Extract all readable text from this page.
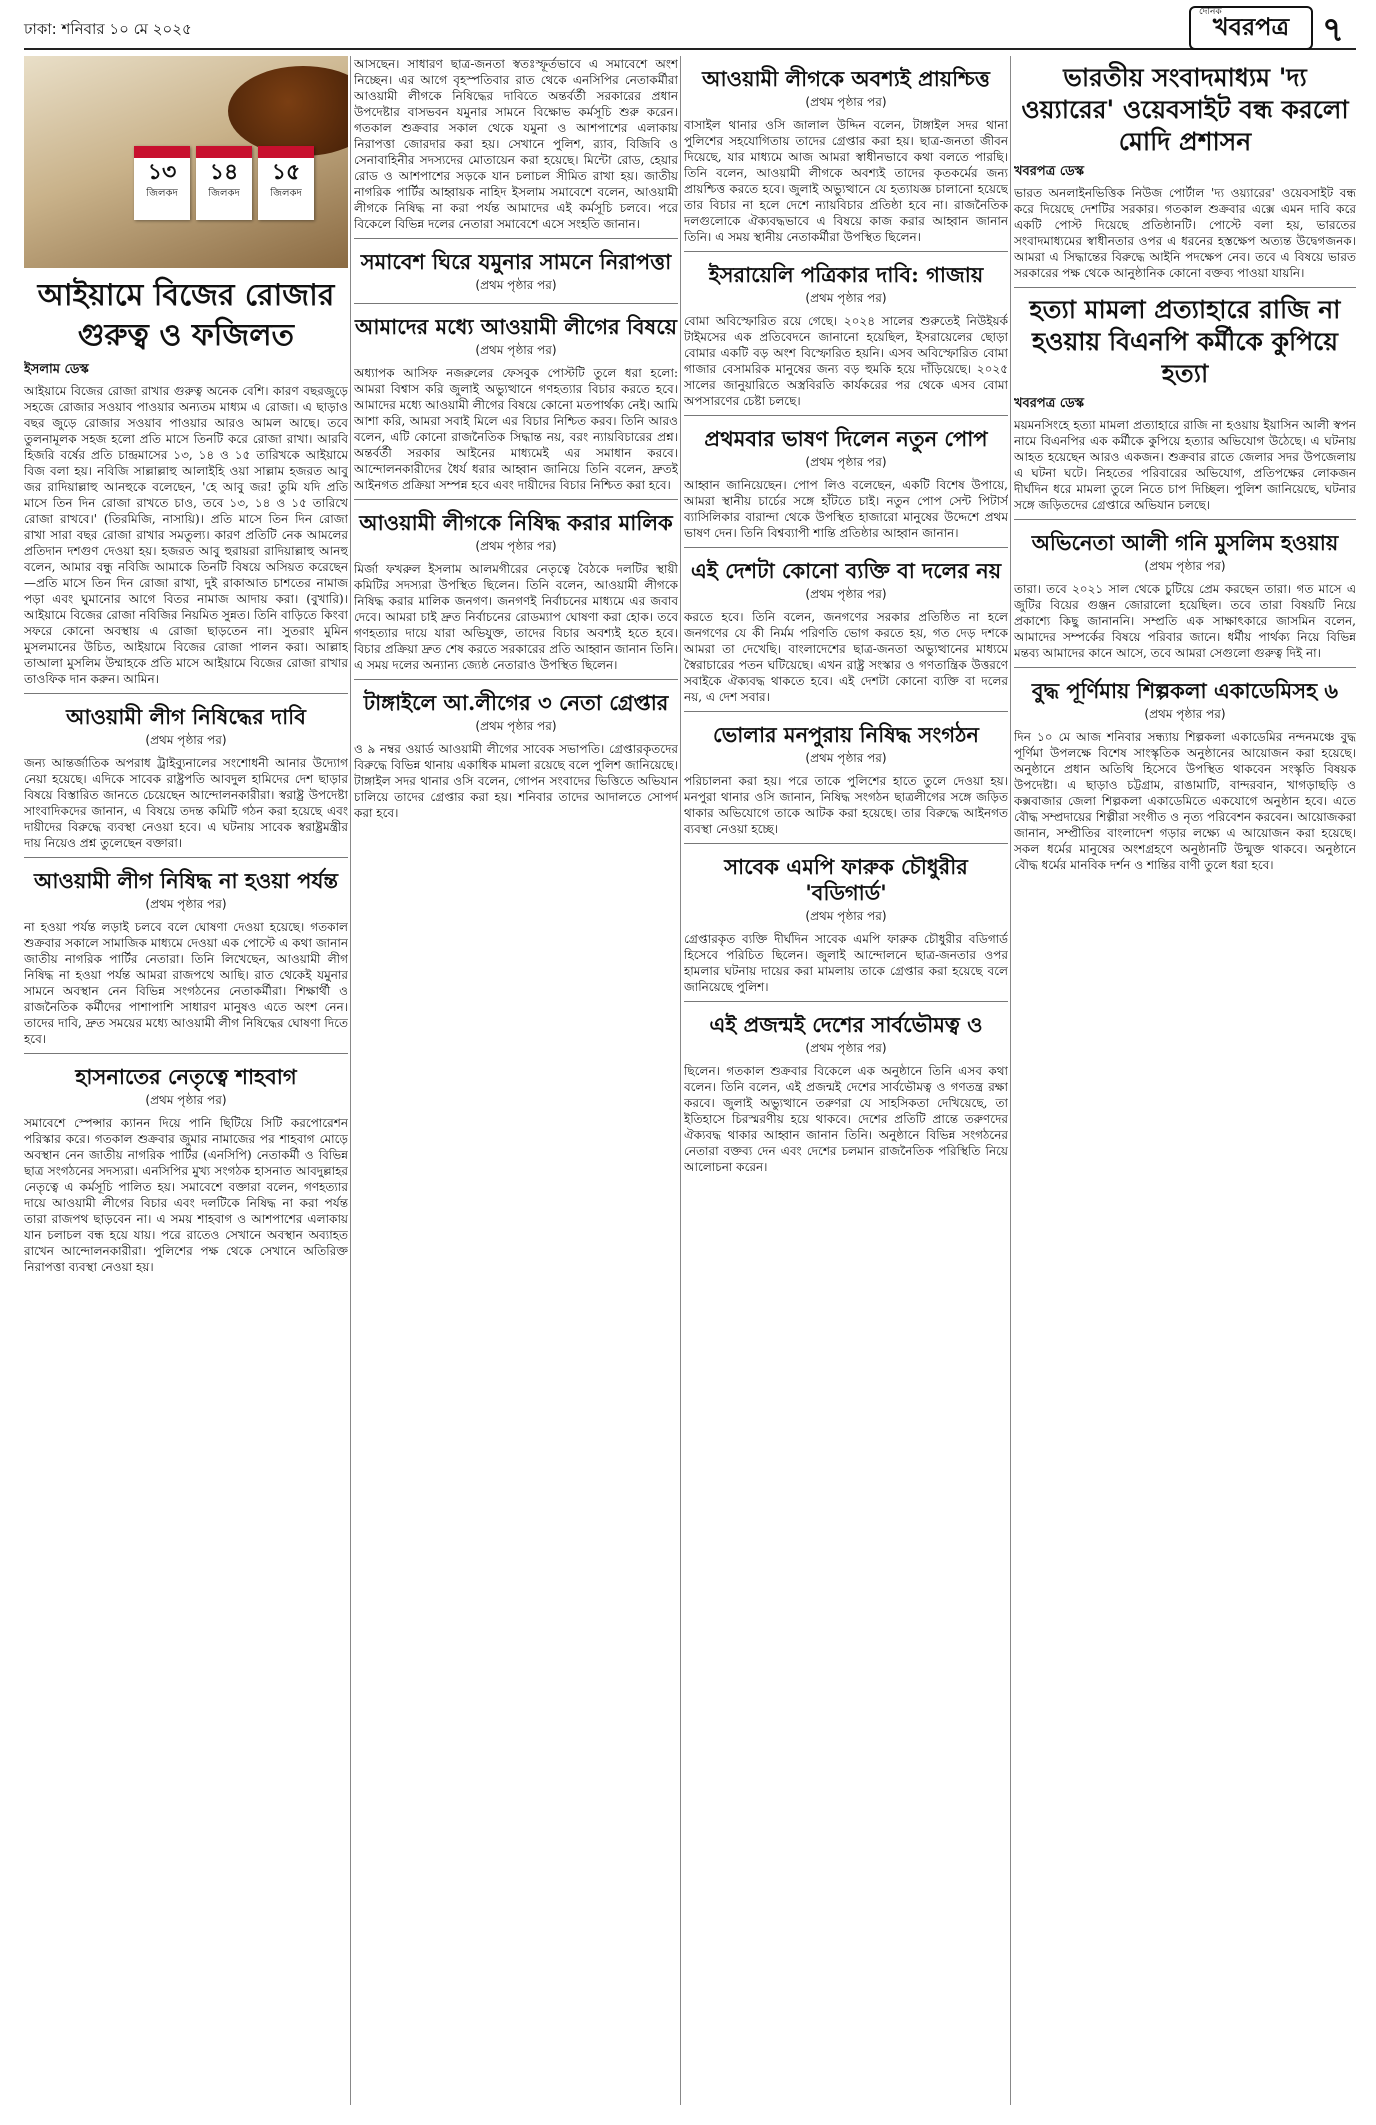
ঢাকা: শনিবার ১০ মে ২০২৫
দৈনিক
খবরপত্র ৭
১৩
জিলকদ
১৪
জিলকদ
১৫
জিলকদ
আইয়ামে বিজের রোজার গুরুত্ব ও ফজিলত
ইসলাম ডেস্ক

আইয়ামে বিজের রোজা রাখার গুরুত্ব অনেক বেশি। কারণ বছরজুড়ে সহজে রোজার সওয়াব পাওয়ার অন্যতম মাধ্যম এ রোজা। এ ছাড়াও বছর জুড়ে রোজার সওয়াব পাওয়ার আরও আমল আছে। তবে তুলনামূলক সহজ হলো প্রতি মাসে তিনটি করে রোজা রাখা। আরবি হিজরি বর্ষের প্রতি চান্দ্রমাসের ১৩, ১৪ ও ১৫ তারিখকে আইয়ামে বিজ বলা হয়। নবিজি সাল্লাল্লাহু আলাইহি ওয়া সাল্লাম হজরত আবু জর রাদিয়াল্লাহু আনহুকে বলেছেন, 'হে আবু জর! তুমি যদি প্রতি মাসে তিন দিন রোজা রাখতে চাও, তবে ১৩, ১৪ ও ১৫ তারিখে রোজা রাখবে।' (তিরমিজি, নাসায়ি)। প্রতি মাসে তিন দিন রোজা রাখা সারা বছর রোজা রাখার সমতুল্য। কারণ প্রতিটি নেক আমলের প্রতিদান দশগুণ দেওয়া হয়। হজরত আবু হুরায়রা রাদিয়াল্লাহু আনহু বলেন, আমার বন্ধু নবিজি আমাকে তিনটি বিষয়ে অসিয়ত করেছেন—প্রতি মাসে তিন দিন রোজা রাখা, দুই রাকাআত চাশতের নামাজ পড়া এবং ঘুমানোর আগে বিতর নামাজ আদায় করা। (বুখারি)। আইয়ামে বিজের রোজা নবিজির নিয়মিত সুন্নত। তিনি বাড়িতে কিংবা সফরে কোনো অবস্থায় এ রোজা ছাড়তেন না। সুতরাং মুমিন মুসলমানের উচিত, আইয়ামে বিজের রোজা পালন করা। আল্লাহ তাআলা মুসলিম উম্মাহকে প্রতি মাসে আইয়ামে বিজের রোজা রাখার তাওফিক দান করুন। আমিন।

আওয়ামী লীগ নিষিদ্ধের দাবি
(প্রথম পৃষ্ঠার পর)

জন্য আন্তর্জাতিক অপরাধ ট্রাইব্যুনালের সংশোধনী আনার উদ্যোগ নেয়া হয়েছে। এদিকে সাবেক রাষ্ট্রপতি আবদুল হামিদের দেশ ছাড়ার বিষয়ে বিস্তারিত জানতে চেয়েছেন আন্দোলনকারীরা। স্বরাষ্ট্র উপদেষ্টা সাংবাদিকদের জানান, এ বিষয়ে তদন্ত কমিটি গঠন করা হয়েছে এবং দায়ীদের বিরুদ্ধে ব্যবস্থা নেওয়া হবে। এ ঘটনায় সাবেক স্বরাষ্ট্রমন্ত্রীর দায় নিয়েও প্রশ্ন তুলেছেন বক্তারা।

আওয়ামী লীগ নিষিদ্ধ না হওয়া পর্যন্ত
(প্রথম পৃষ্ঠার পর)

না হওয়া পর্যন্ত লড়াই চলবে বলে ঘোষণা দেওয়া হয়েছে। গতকাল শুক্রবার সকালে সামাজিক মাধ্যমে দেওয়া এক পোস্টে এ কথা জানান জাতীয় নাগরিক পার্টির নেতারা। তিনি লিখেছেন, আওয়ামী লীগ নিষিদ্ধ না হওয়া পর্যন্ত আমরা রাজপথে আছি। রাত থেকেই যমুনার সামনে অবস্থান নেন বিভিন্ন সংগঠনের নেতাকর্মীরা। শিক্ষার্থী ও রাজনৈতিক কর্মীদের পাশাপাশি সাধারণ মানুষও এতে অংশ নেন। তাদের দাবি, দ্রুত সময়ের মধ্যে আওয়ামী লীগ নিষিদ্ধের ঘোষণা দিতে হবে।

হাসনাতের নেতৃত্বে শাহবাগ
(প্রথম পৃষ্ঠার পর)

সমাবেশে স্পেন্সার ক্যানন দিয়ে পানি ছিটিয়ে সিটি করপোরেশন পরিস্কার করে। গতকাল শুক্রবার জুমার নামাজের পর শাহবাগ মোড়ে অবস্থান নেন জাতীয় নাগরিক পার্টির (এনসিপি) নেতাকর্মী ও বিভিন্ন ছাত্র সংগঠনের সদস্যরা। এনসিপির মুখ্য সংগঠক হাসনাত আবদুল্লাহর নেতৃত্বে এ কর্মসূচি পালিত হয়। সমাবেশে বক্তারা বলেন, গণহত্যার দায়ে আওয়ামী লীগের বিচার এবং দলটিকে নিষিদ্ধ না করা পর্যন্ত তারা রাজপথ ছাড়বেন না। এ সময় শাহবাগ ও আশপাশের এলাকায় যান চলাচল বন্ধ হয়ে যায়। পরে রাতেও সেখানে অবস্থান অব্যাহত রাখেন আন্দোলনকারীরা। পুলিশের পক্ষ থেকে সেখানে অতিরিক্ত নিরাপত্তা ব্যবস্থা নেওয়া হয়।

আসছেন। সাধারণ ছাত্র-জনতা স্বতঃস্ফূর্তভাবে এ সমাবেশে অংশ নিচ্ছেন। এর আগে বৃহস্পতিবার রাত থেকে এনসিপির নেতাকর্মীরা আওয়ামী লীগকে নিষিদ্ধের দাবিতে অন্তর্বর্তী সরকারের প্রধান উপদেষ্টার বাসভবন যমুনার সামনে বিক্ষোভ কর্মসূচি শুরু করেন। গতকাল শুক্রবার সকাল থেকে যমুনা ও আশপাশের এলাকায় নিরাপত্তা জোরদার করা হয়। সেখানে পুলিশ, র‌্যাব, বিজিবি ও সেনাবাহিনীর সদস্যদের মোতায়েন করা হয়েছে। মিন্টো রোড, হেয়ার রোড ও আশপাশের সড়কে যান চলাচল সীমিত রাখা হয়। জাতীয় নাগরিক পার্টির আহ্বায়ক নাহিদ ইসলাম সমাবেশে বলেন, আওয়ামী লীগকে নিষিদ্ধ না করা পর্যন্ত আমাদের এই কর্মসূচি চলবে। পরে বিকেলে বিভিন্ন দলের নেতারা সমাবেশে এসে সংহতি জানান।

সমাবেশ ঘিরে যমুনার সামনে নিরাপত্তা
(প্রথম পৃষ্ঠার পর)
আমাদের মধ্যে আওয়ামী লীগের বিষয়ে
(প্রথম পৃষ্ঠার পর)

অধ্যাপক আসিফ নজরুলের ফেসবুক পোস্টটি তুলে ধরা হলো: আমরা বিশ্বাস করি জুলাই অভ্যুত্থানে গণহত্যার বিচার করতে হবে। আমাদের মধ্যে আওয়ামী লীগের বিষয়ে কোনো মতপার্থক্য নেই। আমি আশা করি, আমরা সবাই মিলে এর বিচার নিশ্চিত করব। তিনি আরও বলেন, এটি কোনো রাজনৈতিক সিদ্ধান্ত নয়, বরং ন্যায়বিচারের প্রশ্ন। অন্তর্বর্তী সরকার আইনের মাধ্যমেই এর সমাধান করবে। আন্দোলনকারীদের ধৈর্য ধরার আহ্বান জানিয়ে তিনি বলেন, দ্রুতই আইনগত প্রক্রিয়া সম্পন্ন হবে এবং দায়ীদের বিচার নিশ্চিত করা হবে।

আওয়ামী লীগকে নিষিদ্ধ করার মালিক
(প্রথম পৃষ্ঠার পর)

মির্জা ফখরুল ইসলাম আলমগীরের নেতৃত্বে বৈঠকে দলটির স্থায়ী কমিটির সদস্যরা উপস্থিত ছিলেন। তিনি বলেন, আওয়ামী লীগকে নিষিদ্ধ করার মালিক জনগণ। জনগণই নির্বাচনের মাধ্যমে এর জবাব দেবে। আমরা চাই দ্রুত নির্বাচনের রোডম্যাপ ঘোষণা করা হোক। তবে গণহত্যার দায়ে যারা অভিযুক্ত, তাদের বিচার অবশ্যই হতে হবে। বিচার প্রক্রিয়া দ্রুত শেষ করতে সরকারের প্রতি আহ্বান জানান তিনি। এ সময় দলের অন্যান্য জ্যেষ্ঠ নেতারাও উপস্থিত ছিলেন।

টাঙ্গাইলে আ.লীগের ৩ নেতা গ্রেপ্তার
(প্রথম পৃষ্ঠার পর)

ও ৯ নম্বর ওয়ার্ড আওয়ামী লীগের সাবেক সভাপতি। গ্রেপ্তারকৃতদের বিরুদ্ধে বিভিন্ন থানায় একাধিক মামলা রয়েছে বলে পুলিশ জানিয়েছে। টাঙ্গাইল সদর থানার ওসি বলেন, গোপন সংবাদের ভিত্তিতে অভিযান চালিয়ে তাদের গ্রেপ্তার করা হয়। শনিবার তাদের আদালতে সোপর্দ করা হবে।

আওয়ামী লীগকে অবশ্যই প্রায়শ্চিত্ত
(প্রথম পৃষ্ঠার পর)

বাসাইল থানার ওসি জালাল উদ্দিন বলেন, টাঙ্গাইল সদর থানা পুলিশের সহযোগিতায় তাদের গ্রেপ্তার করা হয়। ছাত্র-জনতা জীবন দিয়েছে, যার মাধ্যমে আজ আমরা স্বাধীনভাবে কথা বলতে পারছি। তিনি বলেন, আওয়ামী লীগকে অবশ্যই তাদের কৃতকর্মের জন্য প্রায়শ্চিত্ত করতে হবে। জুলাই অভ্যুত্থানে যে হত্যাযজ্ঞ চালানো হয়েছে তার বিচার না হলে দেশে ন্যায়বিচার প্রতিষ্ঠা হবে না। রাজনৈতিক দলগুলোকে ঐক্যবদ্ধভাবে এ বিষয়ে কাজ করার আহ্বান জানান তিনি। এ সময় স্থানীয় নেতাকর্মীরা উপস্থিত ছিলেন।

ইসরায়েলি পত্রিকার দাবি: গাজায়
(প্রথম পৃষ্ঠার পর)

বোমা অবিস্ফোরিত রয়ে গেছে। ২০২৪ সালের শুরুতেই নিউইয়র্ক টাইমসের এক প্রতিবেদনে জানানো হয়েছিল, ইসরায়েলের ছোড়া বোমার একটি বড় অংশ বিস্ফোরিত হয়নি। এসব অবিস্ফোরিত বোমা গাজার বেসামরিক মানুষের জন্য বড় হুমকি হয়ে দাঁড়িয়েছে। ২০২৫ সালের জানুয়ারিতে অস্ত্রবিরতি কার্যকরের পর থেকে এসব বোমা অপসারণের চেষ্টা চলছে।

প্রথমবার ভাষণ দিলেন নতুন পোপ
(প্রথম পৃষ্ঠার পর)

আহ্বান জানিয়েছেন। পোপ লিও বলেছেন, একটি বিশেষ উপায়ে, আমরা স্থানীয় চার্চের সঙ্গে হাঁটতে চাই। নতুন পোপ সেন্ট পিটার্স ব্যাসিলিকার বারান্দা থেকে উপস্থিত হাজারো মানুষের উদ্দেশে প্রথম ভাষণ দেন। তিনি বিশ্বব্যাপী শান্তি প্রতিষ্ঠার আহ্বান জানান।

এই দেশটা কোনো ব্যক্তি বা দলের নয়
(প্রথম পৃষ্ঠার পর)

করতে হবে। তিনি বলেন, জনগণের সরকার প্রতিষ্ঠিত না হলে জনগণের যে কী নির্মম পরিণতি ভোগ করতে হয়, গত দেড় দশকে আমরা তা দেখেছি। বাংলাদেশের ছাত্র-জনতা অভ্যুত্থানের মাধ্যমে স্বৈরাচারের পতন ঘটিয়েছে। এখন রাষ্ট্র সংস্কার ও গণতান্ত্রিক উত্তরণে সবাইকে ঐক্যবদ্ধ থাকতে হবে। এই দেশটা কোনো ব্যক্তি বা দলের নয়, এ দেশ সবার।

ভোলার মনপুরায় নিষিদ্ধ সংগঠন
(প্রথম পৃষ্ঠার পর)

পরিচালনা করা হয়। পরে তাকে পুলিশের হাতে তুলে দেওয়া হয়। মনপুরা থানার ওসি জানান, নিষিদ্ধ সংগঠন ছাত্রলীগের সঙ্গে জড়িত থাকার অভিযোগে তাকে আটক করা হয়েছে। তার বিরুদ্ধে আইনগত ব্যবস্থা নেওয়া হচ্ছে।

সাবেক এমপি ফারুক চৌধুরীর 'বডিগার্ড'
(প্রথম পৃষ্ঠার পর)

গ্রেপ্তারকৃত ব্যক্তি দীর্ঘদিন সাবেক এমপি ফারুক চৌধুরীর বডিগার্ড হিসেবে পরিচিত ছিলেন। জুলাই আন্দোলনে ছাত্র-জনতার ওপর হামলার ঘটনায় দায়ের করা মামলায় তাকে গ্রেপ্তার করা হয়েছে বলে জানিয়েছে পুলিশ।

এই প্রজন্মই দেশের সার্বভৌমত্ব ও
(প্রথম পৃষ্ঠার পর)

ছিলেন। গতকাল শুক্রবার বিকেলে এক অনুষ্ঠানে তিনি এসব কথা বলেন। তিনি বলেন, এই প্রজন্মই দেশের সার্বভৌমত্ব ও গণতন্ত্র রক্ষা করবে। জুলাই অভ্যুত্থানে তরুণরা যে সাহসিকতা দেখিয়েছে, তা ইতিহাসে চিরস্মরণীয় হয়ে থাকবে। দেশের প্রতিটি প্রান্তে তরুণদের ঐক্যবদ্ধ থাকার আহ্বান জানান তিনি। অনুষ্ঠানে বিভিন্ন সংগঠনের নেতারা বক্তব্য দেন এবং দেশের চলমান রাজনৈতিক পরিস্থিতি নিয়ে আলোচনা করেন।

ভারতীয় সংবাদমাধ্যম 'দ্য ওয়্যারের' ওয়েবসাইট বন্ধ করলো মোদি প্রশাসন
খবরপত্র ডেস্ক

ভারত অনলাইনভিত্তিক নিউজ পোর্টাল 'দ্য ওয়্যারের' ওয়েবসাইট বন্ধ করে দিয়েছে দেশটির সরকার। গতকাল শুক্রবার এক্সে এমন দাবি করে একটি পোস্ট দিয়েছে প্রতিষ্ঠানটি। পোস্টে বলা হয়, ভারতের সংবাদমাধ্যমের স্বাধীনতার ওপর এ ধরনের হস্তক্ষেপ অত্যন্ত উদ্বেগজনক। আমরা এ সিদ্ধান্তের বিরুদ্ধে আইনি পদক্ষেপ নেব। তবে এ বিষয়ে ভারত সরকারের পক্ষ থেকে আনুষ্ঠানিক কোনো বক্তব্য পাওয়া যায়নি।

হত্যা মামলা প্রত্যাহারে রাজি না হওয়ায় বিএনপি কর্মীকে কুপিয়ে হত্যা
খবরপত্র ডেস্ক

ময়মনসিংহে হত্যা মামলা প্রত্যাহারে রাজি না হওয়ায় ইয়াসিন আলী স্বপন নামে বিএনপির এক কর্মীকে কুপিয়ে হত্যার অভিযোগ উঠেছে। এ ঘটনায় আহত হয়েছেন আরও একজন। শুক্রবার রাতে জেলার সদর উপজেলায় এ ঘটনা ঘটে। নিহতের পরিবারের অভিযোগ, প্রতিপক্ষের লোকজন দীর্ঘদিন ধরে মামলা তুলে নিতে চাপ দিচ্ছিল। পুলিশ জানিয়েছে, ঘটনার সঙ্গে জড়িতদের গ্রেপ্তারে অভিযান চলছে।

অভিনেতা আলী গনি মুসলিম হওয়ায়
(প্রথম পৃষ্ঠার পর)

তারা। তবে ২০২১ সাল থেকে চুটিয়ে প্রেম করছেন তারা। গত মাসে এ জুটির বিয়ের গুঞ্জন জোরালো হয়েছিল। তবে তারা বিষয়টি নিয়ে প্রকাশ্যে কিছু জানাননি। সম্প্রতি এক সাক্ষাৎকারে জাসমিন বলেন, আমাদের সম্পর্কের বিষয়ে পরিবার জানে। ধর্মীয় পার্থক্য নিয়ে বিভিন্ন মন্তব্য আমাদের কানে আসে, তবে আমরা সেগুলো গুরুত্ব দিই না।

বুদ্ধ পূর্ণিমায় শিল্পকলা একাডেমিসহ ৬
(প্রথম পৃষ্ঠার পর)

দিন ১০ মে আজ শনিবার সন্ধ্যায় শিল্পকলা একাডেমির নন্দনমঞ্চে বুদ্ধ পূর্ণিমা উপলক্ষে বিশেষ সাংস্কৃতিক অনুষ্ঠানের আয়োজন করা হয়েছে। অনুষ্ঠানে প্রধান অতিথি হিসেবে উপস্থিত থাকবেন সংস্কৃতি বিষয়ক উপদেষ্টা। এ ছাড়াও চট্টগ্রাম, রাঙামাটি, বান্দরবান, খাগড়াছড়ি ও কক্সবাজার জেলা শিল্পকলা একাডেমিতে একযোগে অনুষ্ঠান হবে। এতে বৌদ্ধ সম্প্রদায়ের শিল্পীরা সংগীত ও নৃত্য পরিবেশন করবেন। আয়োজকরা জানান, সম্প্রীতির বাংলাদেশ গড়ার লক্ষ্যে এ আয়োজন করা হয়েছে। সকল ধর্মের মানুষের অংশগ্রহণে অনুষ্ঠানটি উন্মুক্ত থাকবে। অনুষ্ঠানে বৌদ্ধ ধর্মের মানবিক দর্শন ও শান্তির বাণী তুলে ধরা হবে।
